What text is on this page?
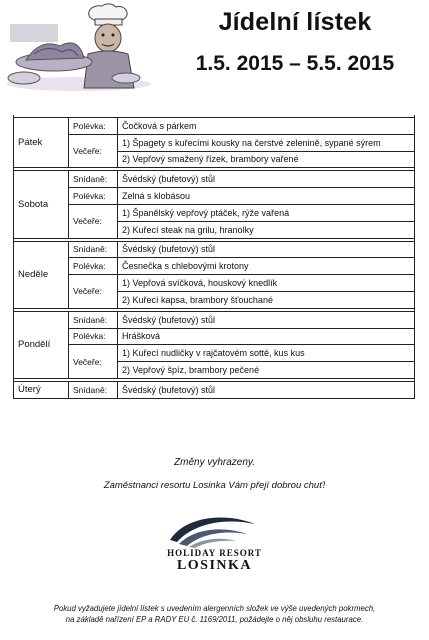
Jídelní lístek
1.5. 2015 – 5.5. 2015

Pátek	Polévka:	Čočková s párkem
	Večeře:	1) Špagety s kuřecími kousky na čerstvé zelenině, sypané sýrem
		2) Vepřový smažený řízek, brambory vařené

Sobota	Snídaně:	Švédský (bufetový) stůl
	Polévka:	Zelná s klobásou
	Večeře:	1) Španělský vepřový ptáček, rýže vařená
		2) Kuřecí steak na grilu, hranolky

Neděle	Snídaně:	Švédský (bufetový) stůl
	Polévka:	Česnečka s chlebovými krotony
	Večeře:	1) Vepřová svíčková, houskový knedlík
		2) Kuřecí kapsa, brambory šťouchané

Pondělí	Snídaně:	Švédský (bufetový) stůl
	Polévka:	Hrášková
	Večeře:	1) Kuřecí nudličky v rajčatovém sotté, kus kus
		2) Vepřový špíz, brambory pečené

Úterý	Snídaně:	Švédský (bufetový) stůl
Změny vyhrazeny.
Zaměstnanci resortu Losinka Vám přejí dobrou chuť!
HOLIDAY RESORT
LOSINKA
Pokud vyžadujete jídelní lístek s uvedením alergenních složek ve výše uvedených pokrmech,
na základě nařízení EP a RADY EU č. 1169/2011, požádejte o něj obsluhu restaurace.
